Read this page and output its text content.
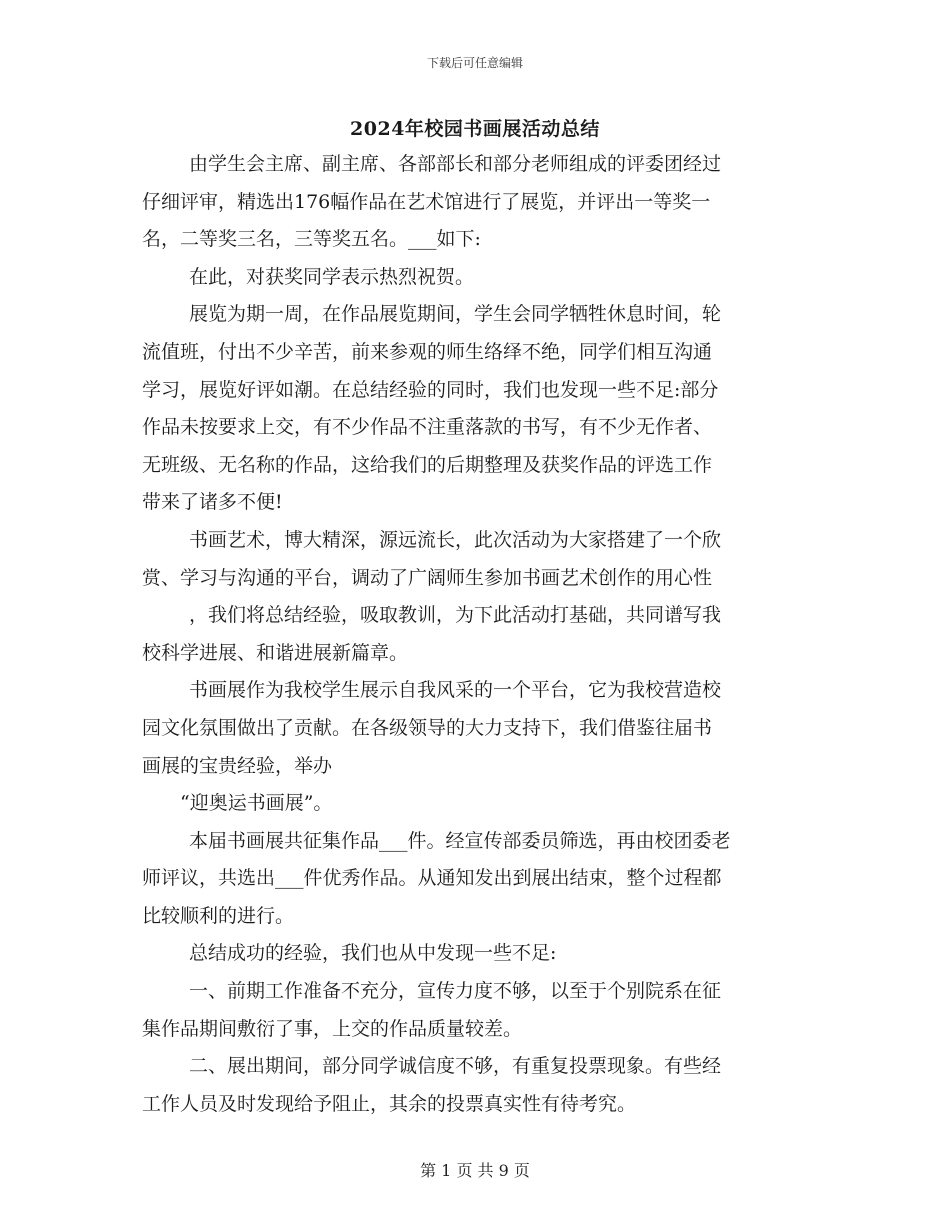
下载后可任意编辑
2024年校园书画展活动总结
由学生会主席、副主席、各部部长和部分老师组成的评委团经过
仔细评审，精选出176幅作品在艺术馆进行了展览，并评出一等奖一
名，二等奖三名，三等奖五名。___如下:
在此，对获奖同学表示热烈祝贺。
展览为期一周，在作品展览期间，学生会同学牺牲休息时间，轮
流值班，付出不少辛苦，前来参观的师生络绎不绝，同学们相互沟通
学习，展览好评如潮。在总结经验的同时，我们也发现一些不足:部分
作品未按要求上交，有不少作品不注重落款的书写，有不少无作者、
无班级、无名称的作品，这给我们的后期整理及获奖作品的评选工作
带来了诸多不便!
书画艺术，博大精深，源远流长，此次活动为大家搭建了一个欣
赏、学习与沟通的平台，调动了广阔师生参加书画艺术创作的用心性
，我们将总结经验，吸取教训，为下此活动打基础，共同谱写我
校科学进展、和谐进展新篇章。
书画展作为我校学生展示自我风采的一个平台，它为我校营造校
园文化氛围做出了贡献。在各级领导的大力支持下，我们借鉴往届书
画展的宝贵经验，举办
“迎奥运书画展”。
本届书画展共征集作品___件。经宣传部委员筛选，再由校团委老
师评议，共选出___件优秀作品。从通知发出到展出结束，整个过程都
比较顺利的进行。
总结成功的经验，我们也从中发现一些不足:
一、前期工作准备不充分，宣传力度不够，以至于个别院系在征
集作品期间敷衍了事，上交的作品质量较差。
二、展出期间，部分同学诚信度不够，有重复投票现象。有些经
工作人员及时发现给予阻止，其余的投票真实性有待考究。
第 1 页 共 9 页
